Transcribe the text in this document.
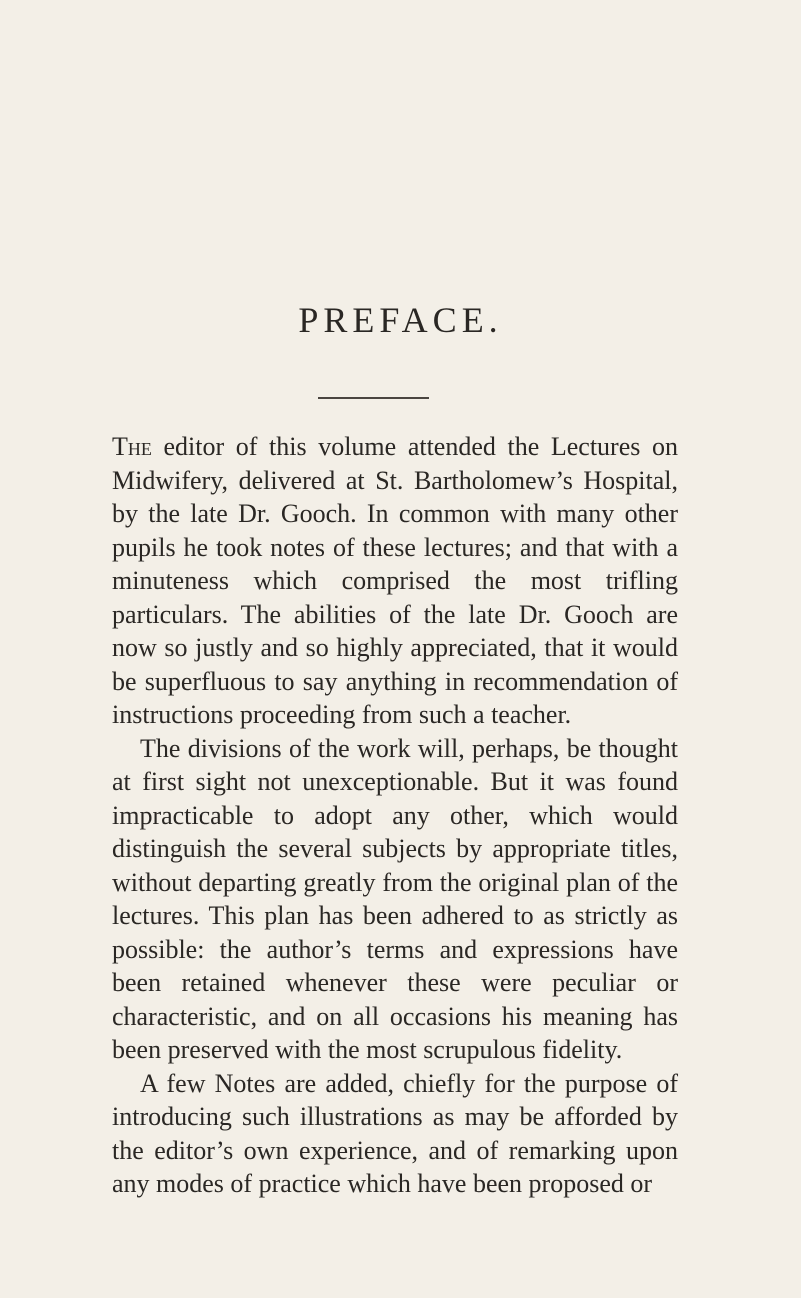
PREFACE.

The editor of this volume attended the Lectures on Midwifery, delivered at St. Bartholomew’s Hospital, by the late Dr. Gooch. In common with many other pupils he took notes of these lectures; and that with a minuteness which comprised the most trifling particulars. The abilities of the late Dr. Gooch are now so justly and so highly appreciated, that it would be superfluous to say anything in recommendation of instructions proceeding from such a teacher.

The divisions of the work will, perhaps, be thought at first sight not unexceptionable. But it was found impracticable to adopt any other, which would distinguish the several subjects by appropriate titles, without departing greatly from the original plan of the lectures. This plan has been adhered to as strictly as possible: the author’s terms and expressions have been retained whenever these were peculiar or characteristic, and on all occasions his meaning has been preserved with the most scrupulous fidelity.

A few Notes are added, chiefly for the purpose of introducing such illustrations as may be afforded by the editor’s own experience, and of remarking upon any modes of practice which have been proposed or
